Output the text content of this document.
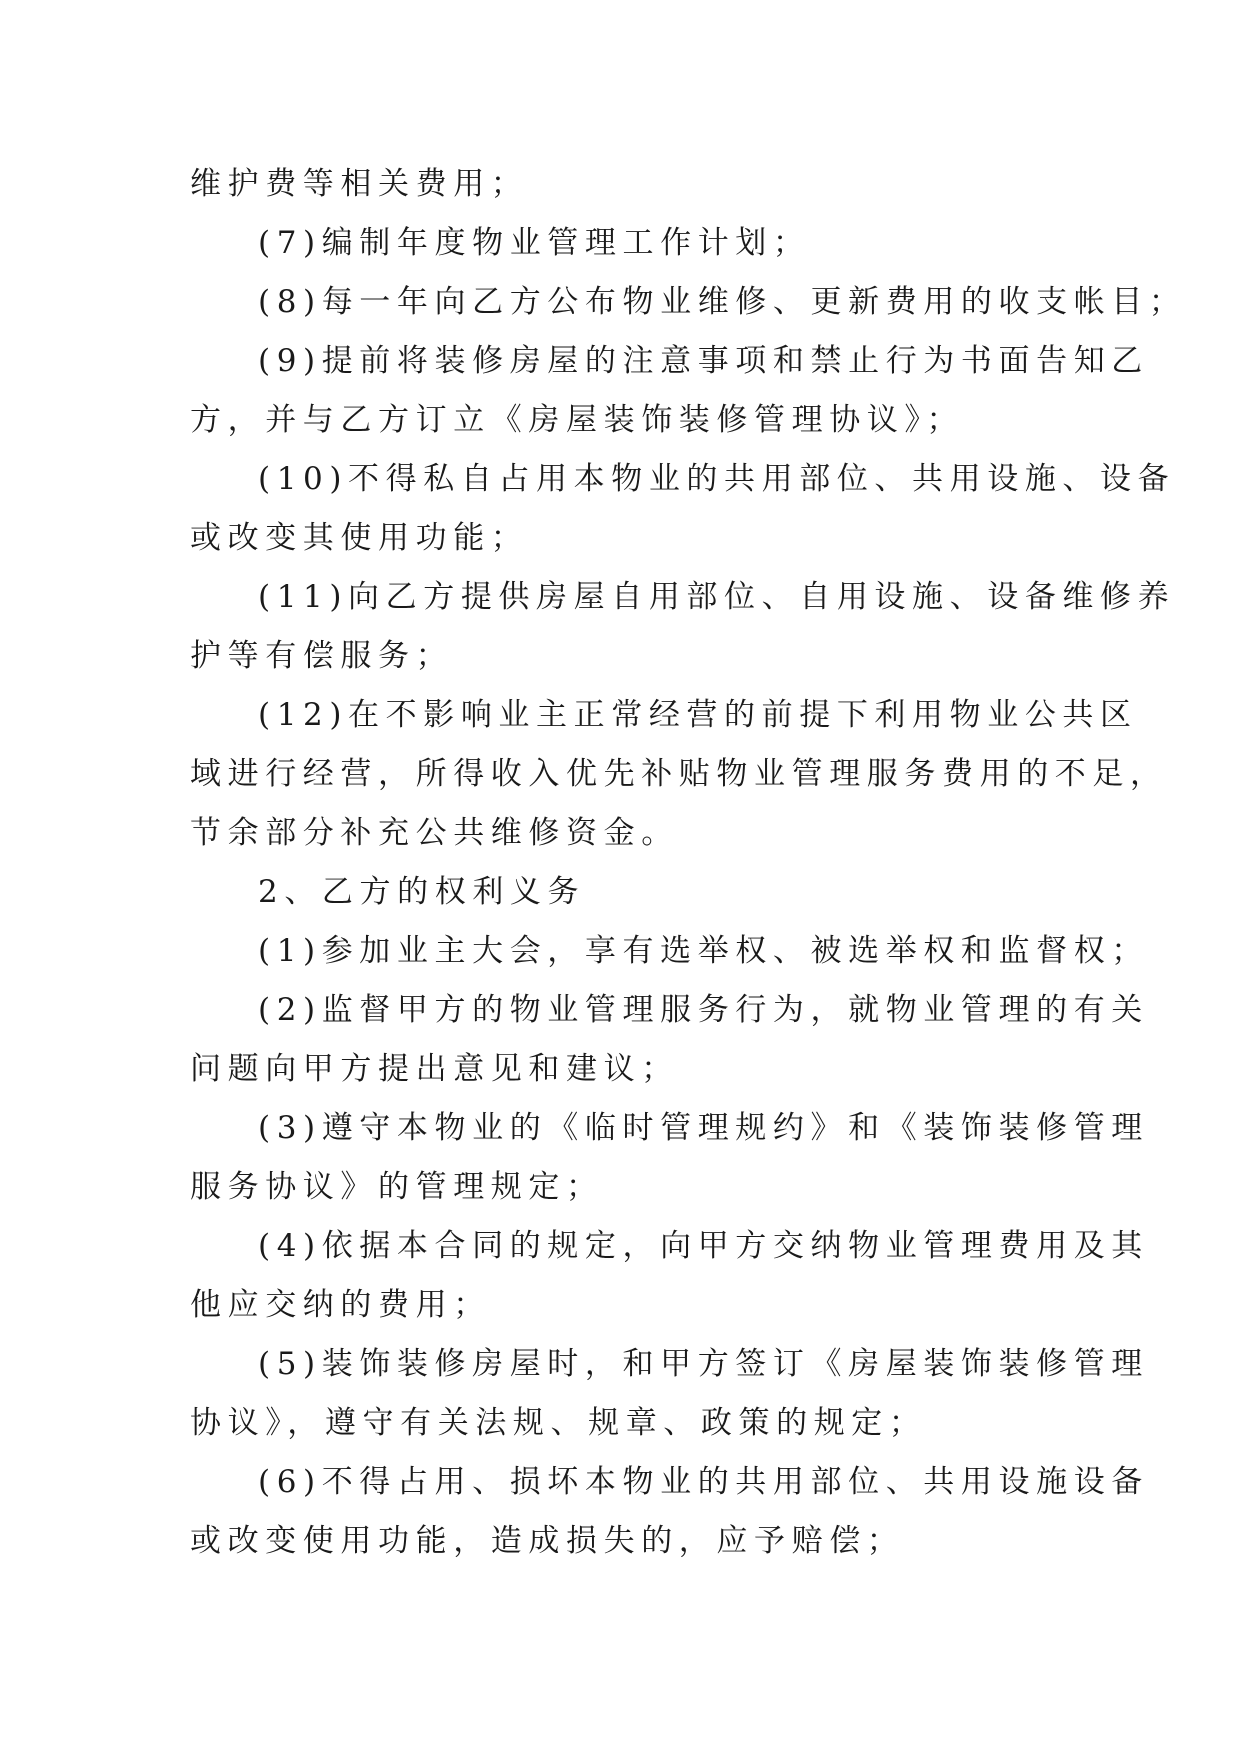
维护费等相关费用；
(7)编制年度物业管理工作计划；
(8)每一年向乙方公布物业维修、更新费用的收支帐目；
(9)提前将装修房屋的注意事项和禁止行为书面告知乙
方，并与乙方订立《房屋装饰装修管理协议》；
(10)不得私自占用本物业的共用部位、共用设施、设备
或改变其使用功能；
(11)向乙方提供房屋自用部位、自用设施、设备维修养
护等有偿服务；
(12)在不影响业主正常经营的前提下利用物业公共区
域进行经营，所得收入优先补贴物业管理服务费用的不足，
节余部分补充公共维修资金。
2、乙方的权利义务
(1)参加业主大会，享有选举权、被选举权和监督权；
(2)监督甲方的物业管理服务行为，就物业管理的有关
问题向甲方提出意见和建议；
(3)遵守本物业的《临时管理规约》和《装饰装修管理
服务协议》的管理规定；
(4)依据本合同的规定，向甲方交纳物业管理费用及其
他应交纳的费用；
(5)装饰装修房屋时，和甲方签订《房屋装饰装修管理
协议》，遵守有关法规、规章、政策的规定；
(6)不得占用、损坏本物业的共用部位、共用设施设备
或改变使用功能，造成损失的，应予赔偿；
